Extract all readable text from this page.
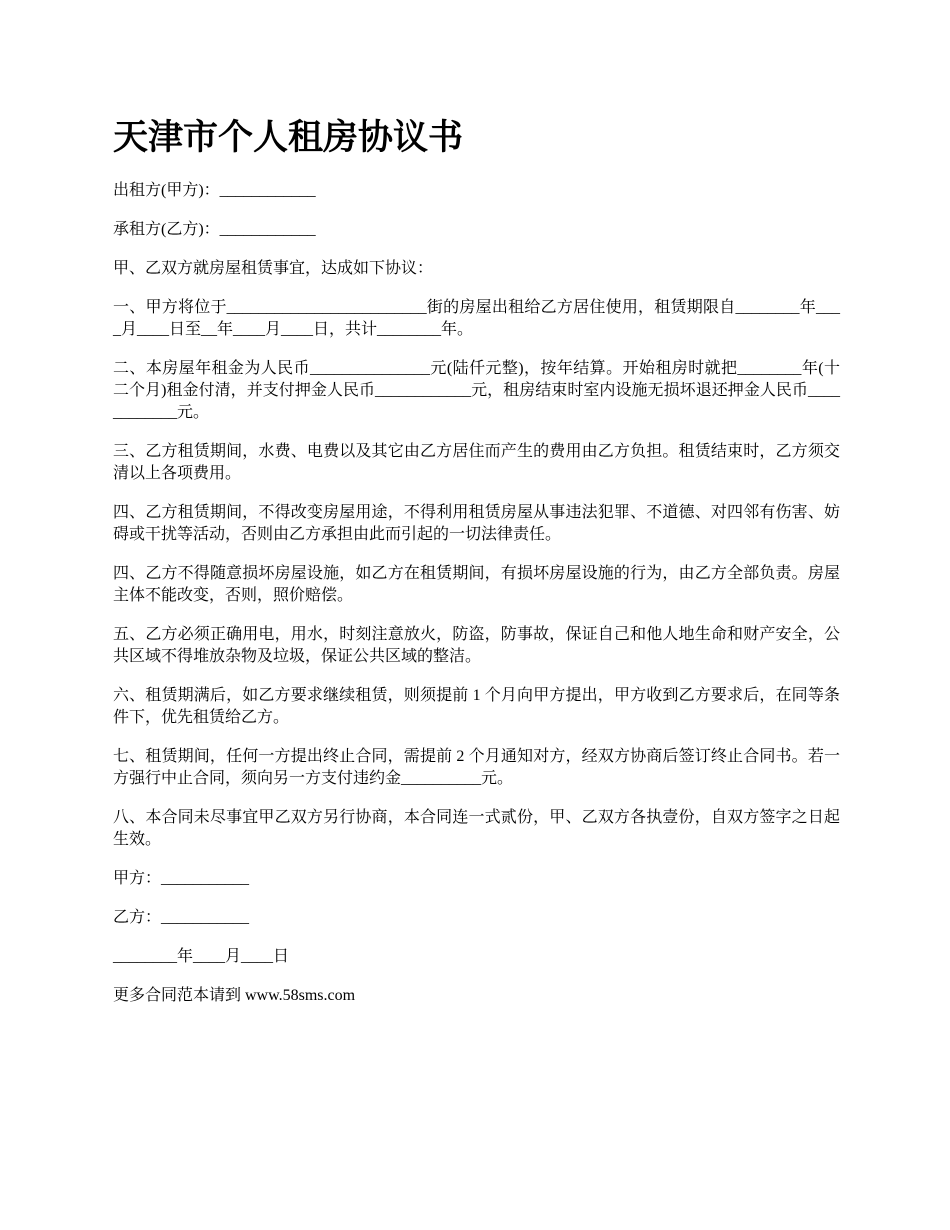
天津市个人租房协议书

出租方(甲方)：____________

承租方(乙方)：____________

甲、乙双方就房屋租赁事宜，达成如下协议：

一、甲方将位于_________________________街的房屋出租给乙方居住使用，租赁期限自________年____月____日至__年____月____日，共计________年。

二、本房屋年租金为人民币_______________元(陆仟元整)，按年结算。开始租房时就把________年(十二个月)租金付清，并支付押金人民币____________元，租房结束时室内设施无损坏退还押金人民币____________元。

三、乙方租赁期间，水费、电费以及其它由乙方居住而产生的费用由乙方负担。租赁结束时，乙方须交清以上各项费用。

四、乙方租赁期间，不得改变房屋用途，不得利用租赁房屋从事违法犯罪、不道德、对四邻有伤害、妨碍或干扰等活动，否则由乙方承担由此而引起的一切法律责任。

四、乙方不得随意损坏房屋设施，如乙方在租赁期间，有损坏房屋设施的行为，由乙方全部负责。房屋主体不能改变，否则，照价赔偿。

五、乙方必须正确用电，用水，时刻注意放火，防盗，防事故，保证自己和他人地生命和财产安全，公共区域不得堆放杂物及垃圾，保证公共区域的整洁。

六、租赁期满后，如乙方要求继续租赁，则须提前 1 个月向甲方提出，甲方收到乙方要求后，在同等条件下，优先租赁给乙方。

七、租赁期间，任何一方提出终止合同，需提前 2 个月通知对方，经双方协商后签订终止合同书。若一方强行中止合同，须向另一方支付违约金__________元。

八、本合同未尽事宜甲乙双方另行协商，本合同连一式贰份，甲、乙双方各执壹份，自双方签字之日起生效。

甲方：___________

乙方：___________

________年____月____日

更多合同范本请到 www.58sms.com
